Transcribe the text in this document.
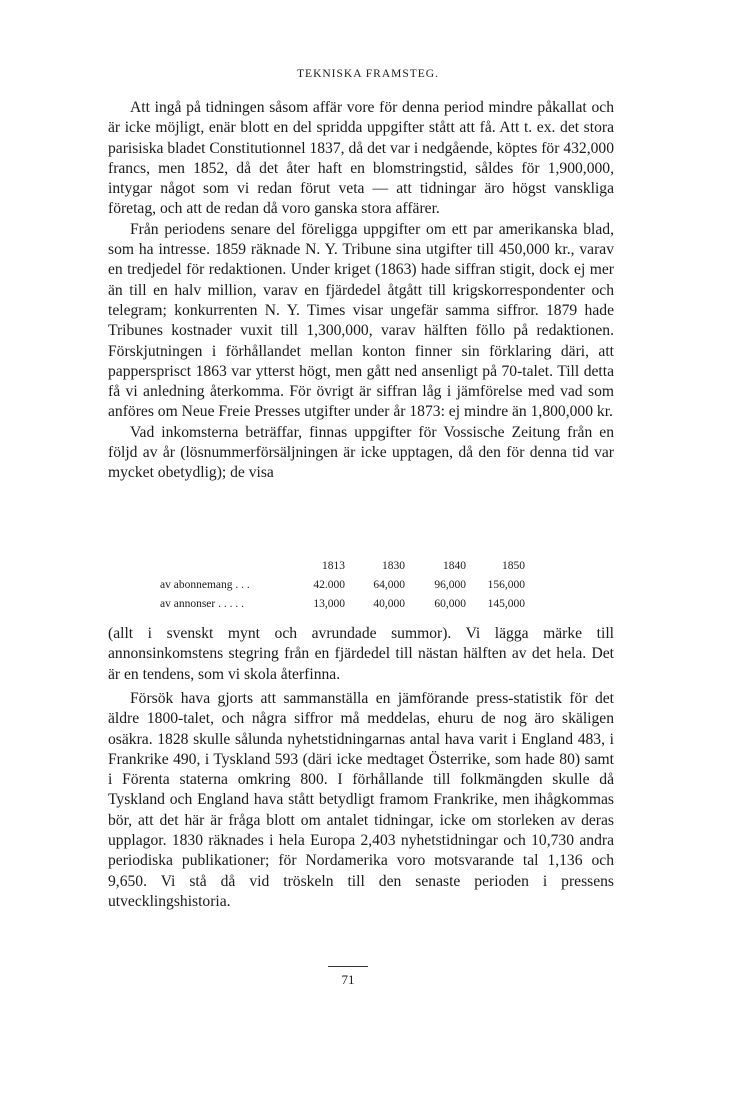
TEKNISKA FRAMSTEG.

Att ingå på tidningen såsom affär vore för denna period mindre påkallat och är icke möjligt, enär blott en del spridda uppgifter stått att få. Att t. ex. det stora parisiska bladet Constitutionnel 1837, då det var i nedgående, köptes för 432,000 francs, men 1852, då det åter haft en blomstringstid, såldes för 1,900,000, intygar något som vi redan förut veta — att tidningar äro högst vanskliga företag, och att de redan då voro ganska stora affärer.

Från periodens senare del föreligga uppgifter om ett par amerikanska blad, som ha intresse. 1859 räknade N. Y. Tribune sina utgifter till 450,000 kr., varav en tredjedel för redaktionen. Under kriget (1863) hade siffran stigit, dock ej mer än till en halv million, varav en fjärdedel åtgått till krigskorrespondenter och telegram; konkurrenten N. Y. Times visar ungefär samma siffror. 1879 hade Tribunes kostnader vuxit till 1,300,000, varav hälften föllo på redaktionen. Förskjutningen i förhållandet mellan konton finner sin förklaring däri, att pappersprisct 1863 var ytterst högt, men gått ned ansenligt på 70-talet. Till detta få vi anledning återkomma. För övrigt är siffran låg i jämförelse med vad som anföres om Neue Freie Presses utgifter under år 1873: ej mindre än 1,800,000 kr.

Vad inkomsterna beträffar, finnas uppgifter för Vossische Zeitung från en följd av år (lösnummerförsäljningen är icke upptagen, då den för denna tid var mycket obetydlig); de visa

	1813	1830	1840	1850
av abonnemang . . .	42.000	64,000	96,000	156,000
av annonser . . . . .	13,000	40,000	60,000	145,000

(allt i svenskt mynt och avrundade summor). Vi lägga märke till annonsinkomstens stegring från en fjärdedel till nästan hälften av det hela. Det är en tendens, som vi skola återfinna.

Försök hava gjorts att sammanställa en jämförande press-statistik för det äldre 1800-talet, och några siffror må meddelas, ehuru de nog äro skäligen osäkra. 1828 skulle sålunda nyhetstidningarnas antal hava varit i England 483, i Frankrike 490, i Tyskland 593 (däri icke medtaget Österrike, som hade 80) samt i Förenta staterna omkring 800. I förhållande till folkmängden skulle då Tyskland och England hava stått betydligt framom Frankrike, men ihågkommas bör, att det här är fråga blott om antalet tidningar, icke om storleken av deras upplagor. 1830 räknades i hela Europa 2,403 nyhetstidningar och 10,730 andra periodiska publikationer; för Nordamerika voro motsvarande tal 1,136 och 9,650. Vi stå då vid tröskeln till den senaste perioden i pressens utvecklingshistoria.

71
